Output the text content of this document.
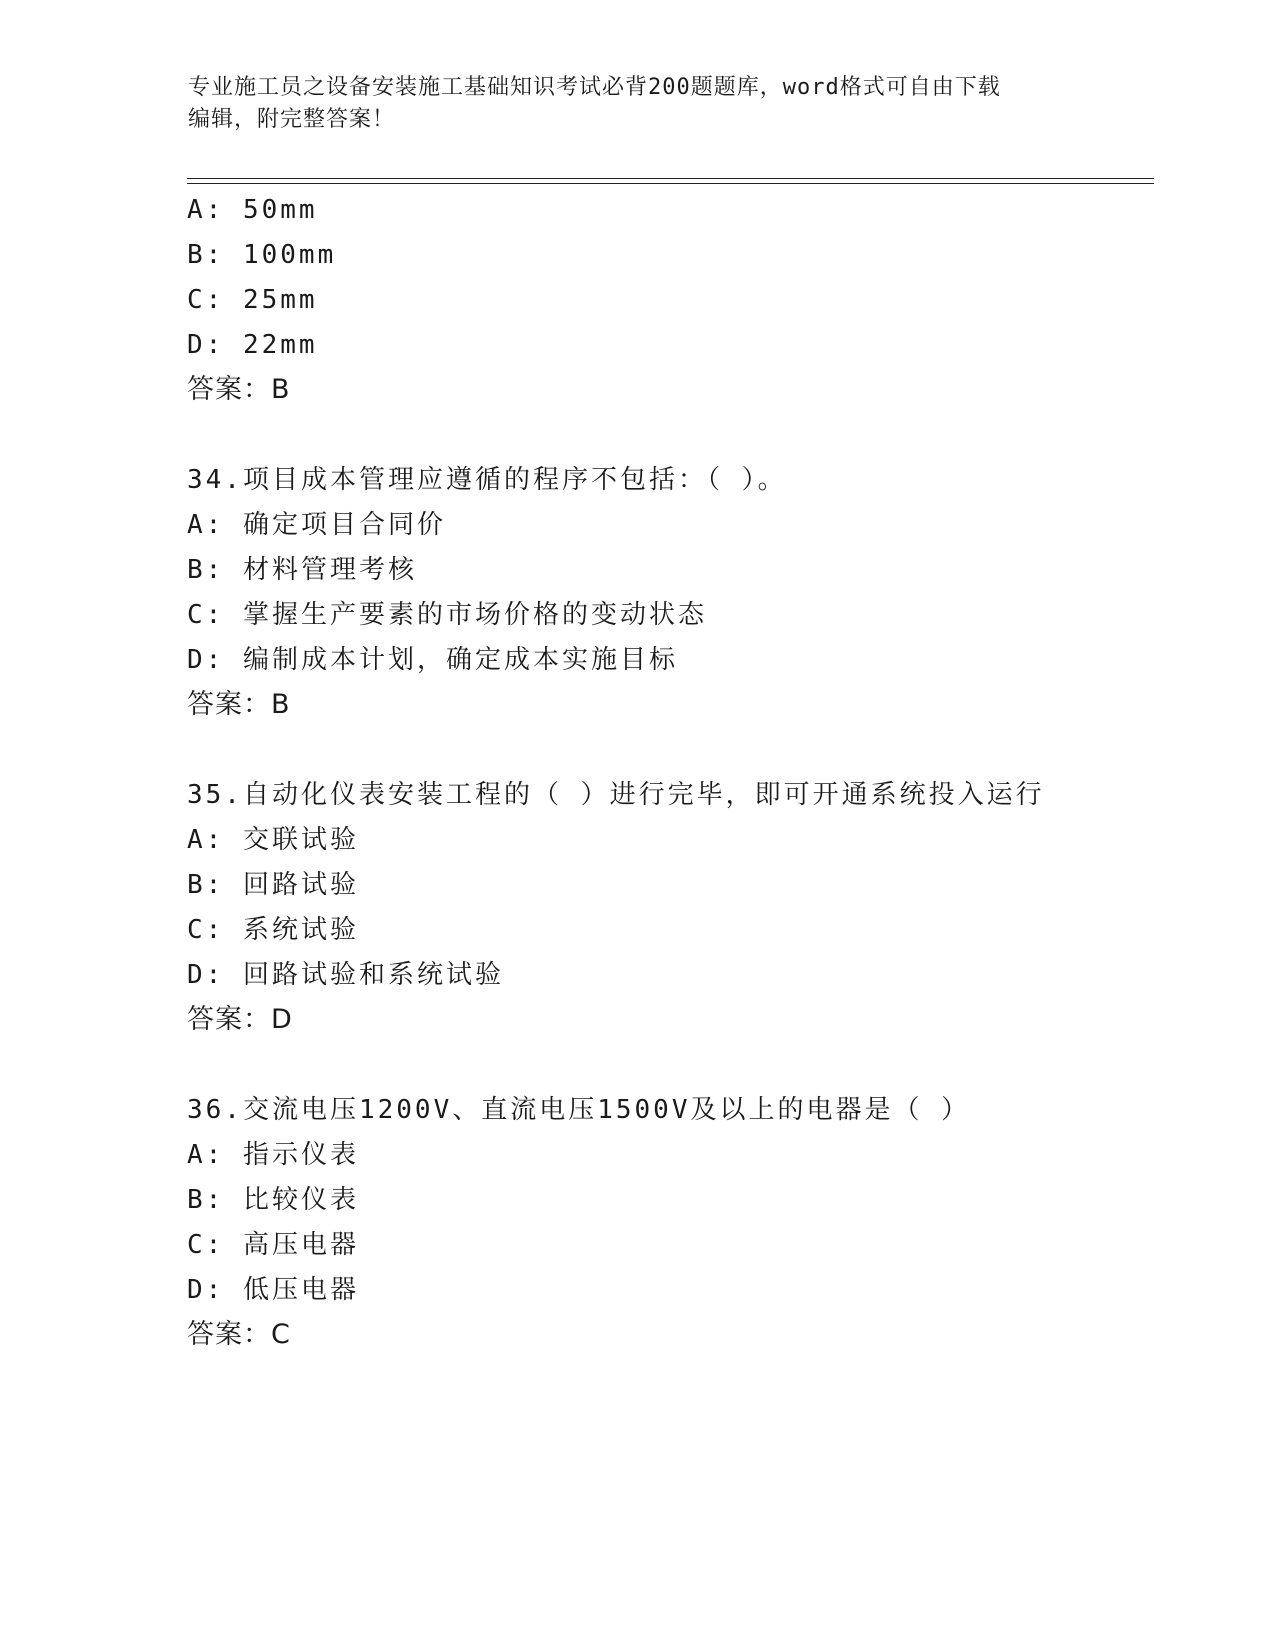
专业施工员之设备安装施工基础知识考试必背200题题库，word格式可自由下载
编辑，附完整答案！
A: 50mm
B: 100mm
C: 25mm
D: 22mm
答案：B
34.项目成本管理应遵循的程序不包括：（ ）。
A: 确定项目合同价
B: 材料管理考核
C: 掌握生产要素的市场价格的变动状态
D: 编制成本计划，确定成本实施目标
答案：B
35.自动化仪表安装工程的（ ）进行完毕，即可开通系统投入运行
A: 交联试验
B: 回路试验
C: 系统试验
D: 回路试验和系统试验
答案：D
36.交流电压1200V、直流电压1500V及以上的电器是（ ）
A: 指示仪表
B: 比较仪表
C: 高压电器
D: 低压电器
答案：C
